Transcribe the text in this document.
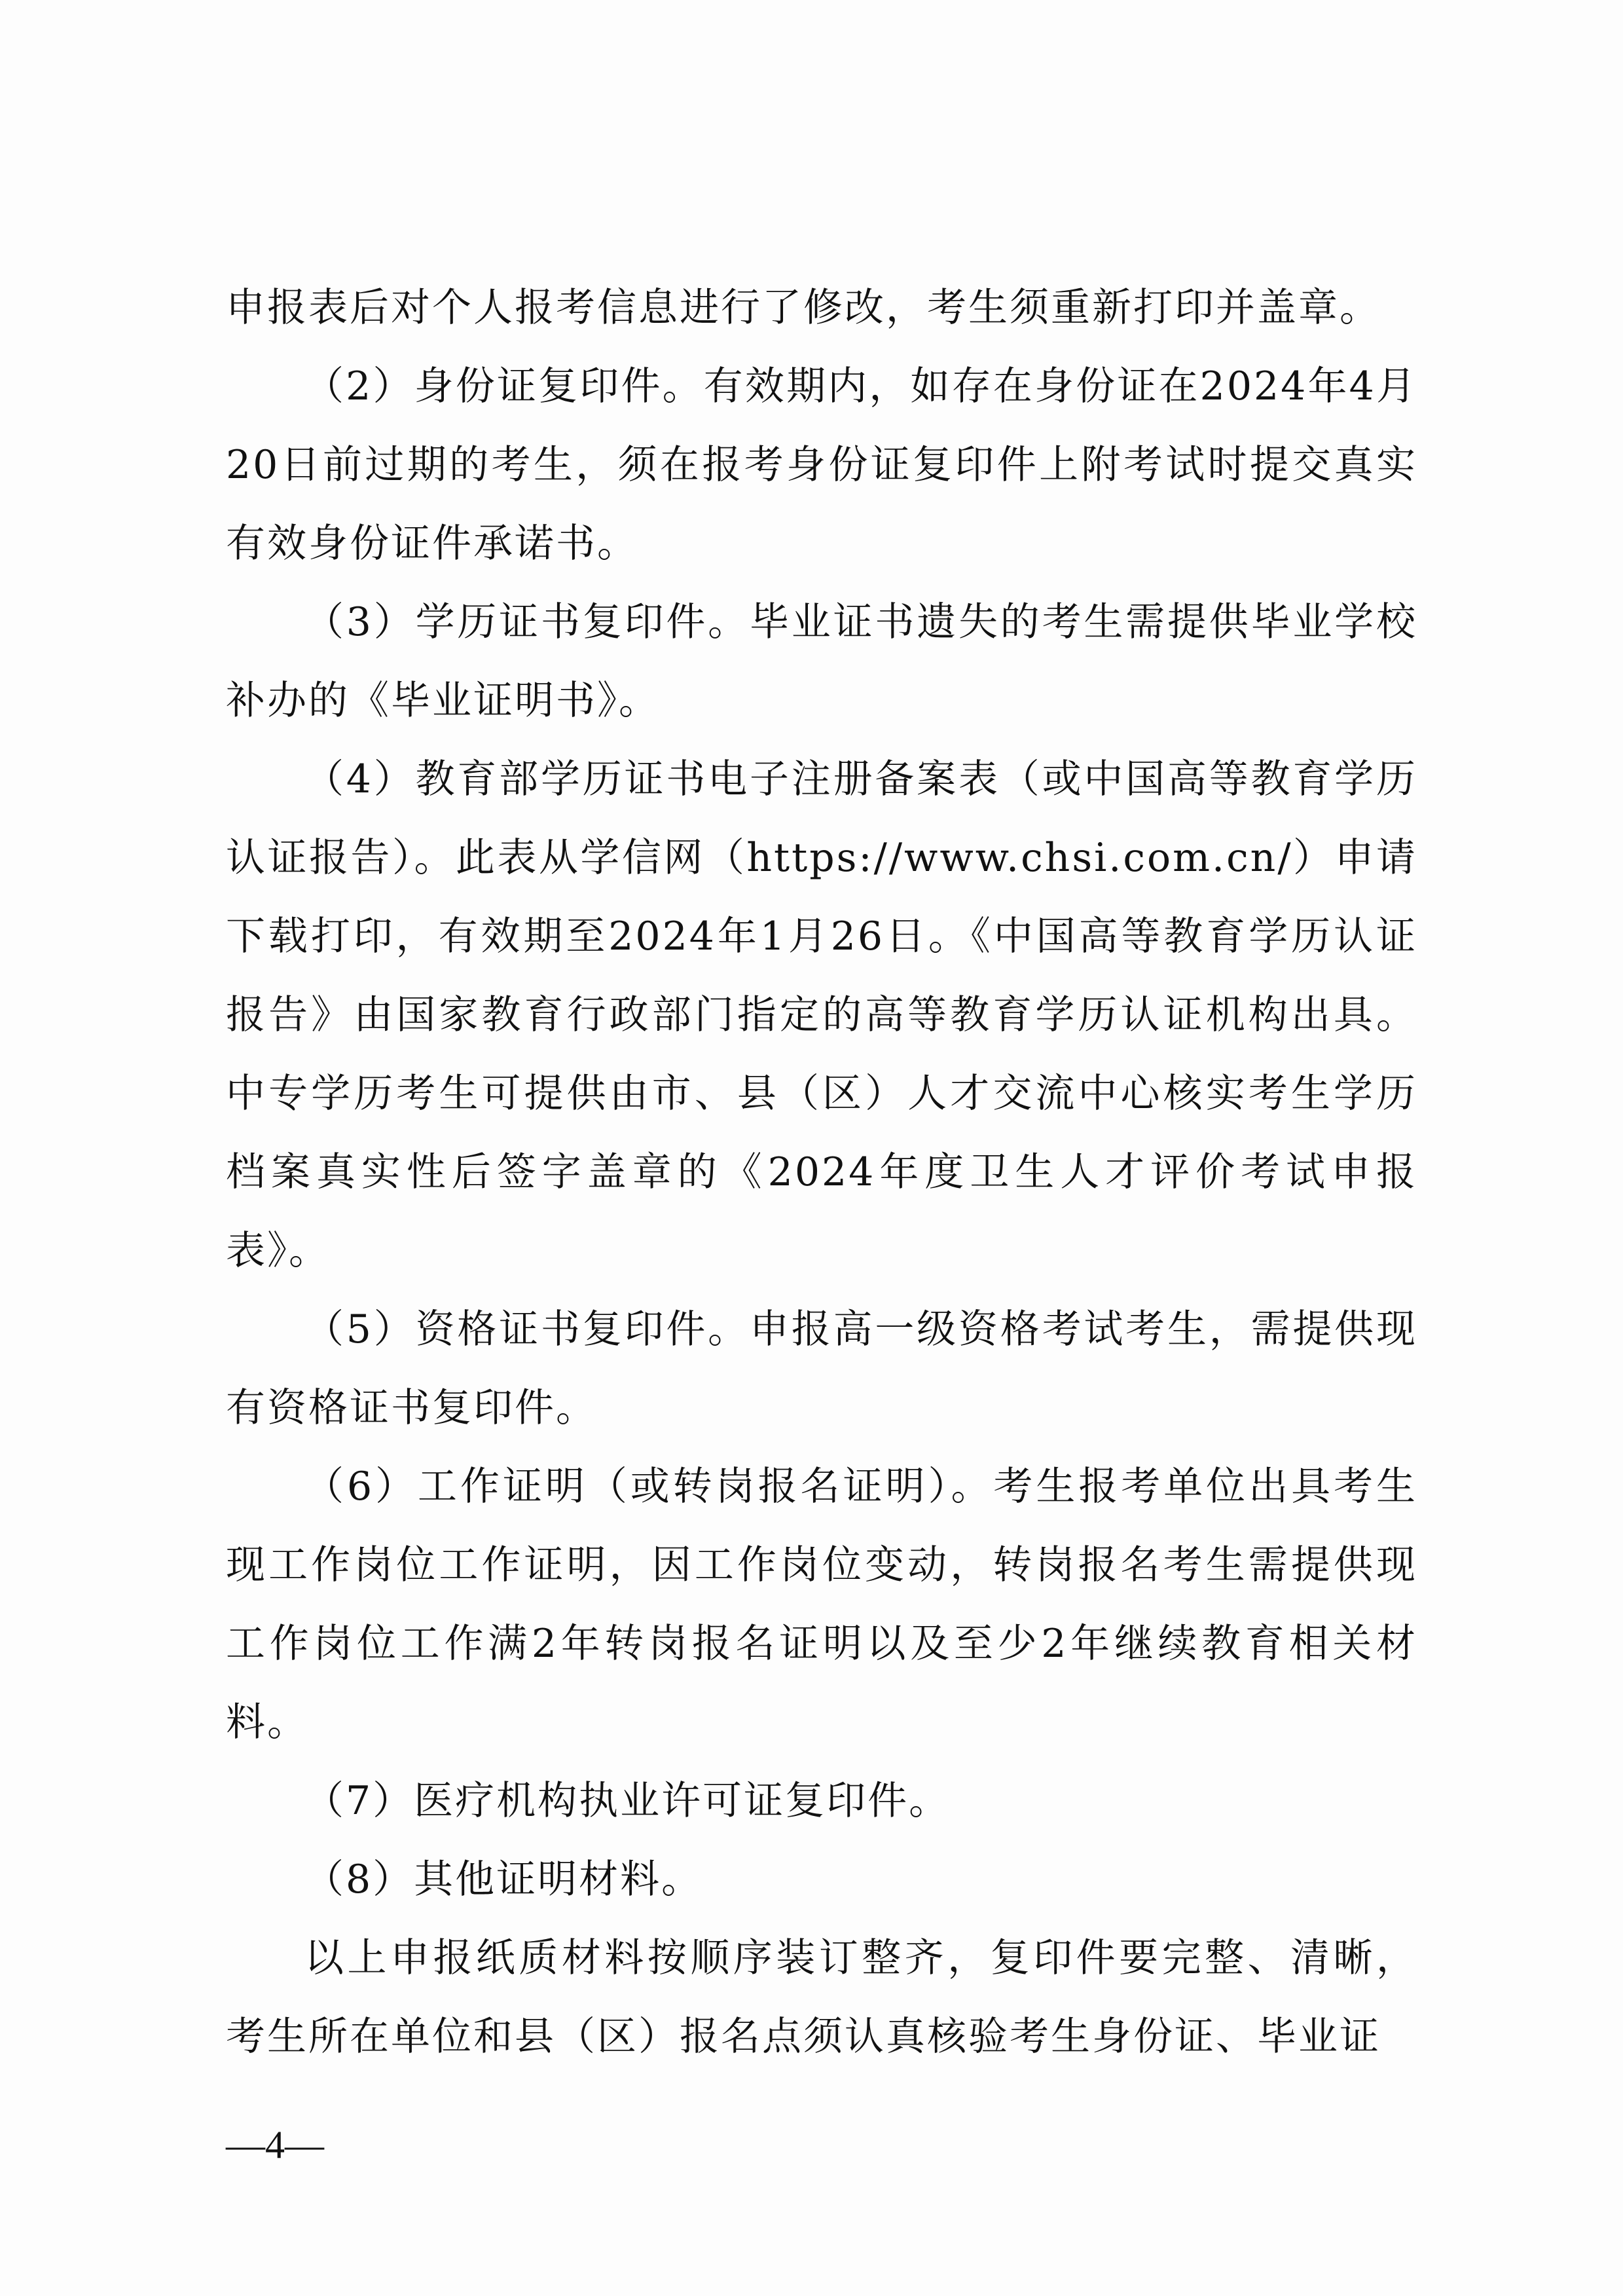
申报表后对个人报考信息进行了修改，考生须重新打印并盖章。

（2）身份证复印件。有效期内，如存在身份证在2024年4月20日前过期的考生，须在报考身份证复印件上附考试时提交真实有效身份证件承诺书。

（3）学历证书复印件。毕业证书遗失的考生需提供毕业学校补办的《毕业证明书》。

（4）教育部学历证书电子注册备案表（或中国高等教育学历认证报告）。此表从学信网（https://www.chsi.com.cn/）申请下载打印，有效期至2024年1月26日。《中国高等教育学历认证报告》由国家教育行政部门指定的高等教育学历认证机构出具。中专学历考生可提供由市、县（区）人才交流中心核实考生学历档案真实性后签字盖章的《2024年度卫生人才评价考试申报表》。

（5）资格证书复印件。申报高一级资格考试考生，需提供现有资格证书复印件。

（6）工作证明（或转岗报名证明）。考生报考单位出具考生现工作岗位工作证明，因工作岗位变动，转岗报名考生需提供现工作岗位工作满2年转岗报名证明以及至少2年继续教育相关材料。

（7）医疗机构执业许可证复印件。

（8）其他证明材料。

以上申报纸质材料按顺序装订整齐，复印件要完整、清晰，考生所在单位和县（区）报名点须认真核验考生身份证、毕业证

—4—
